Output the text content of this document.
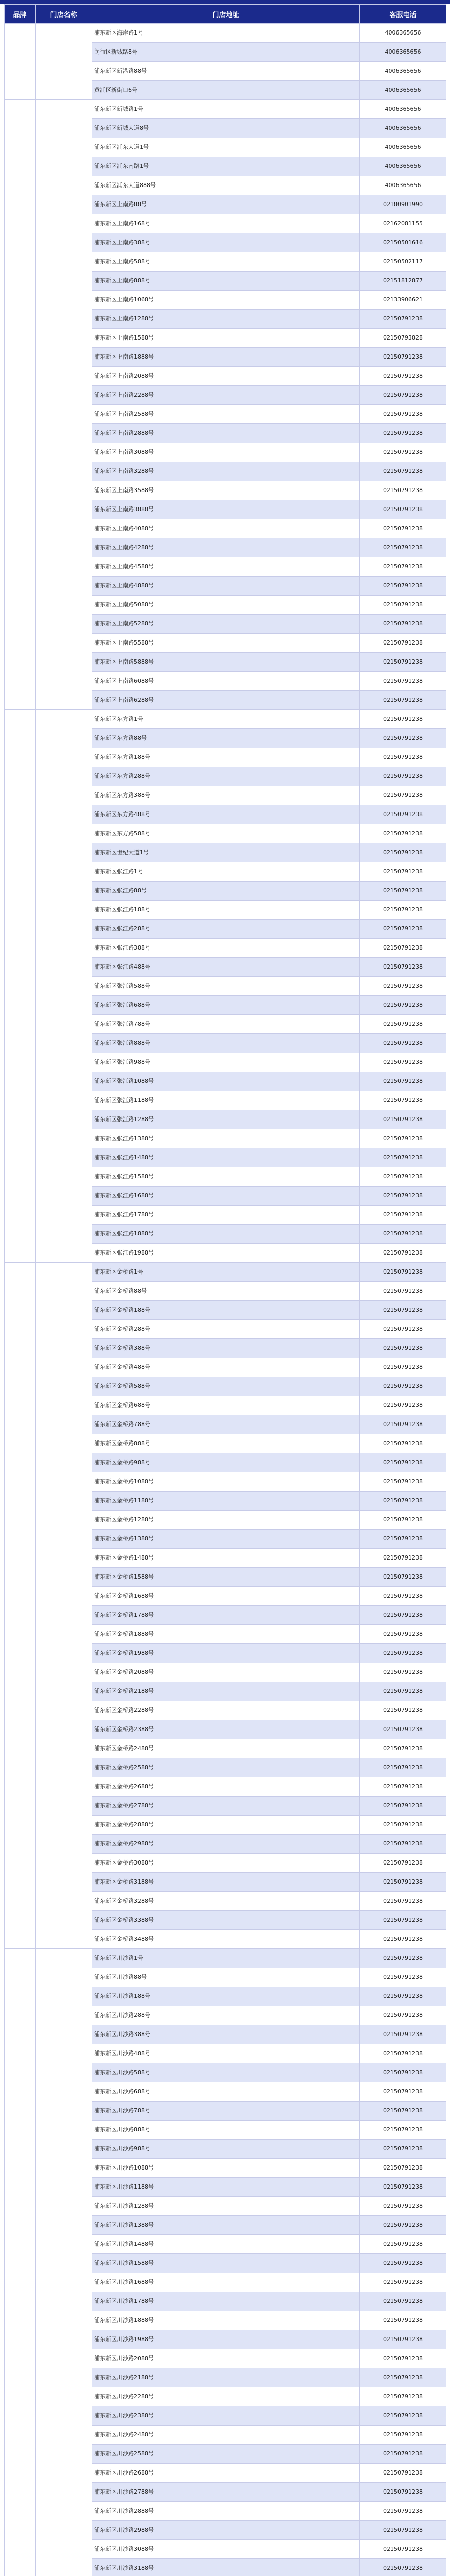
品牌	门店名称	门店地址	客服电话
		浦东新区海岸路1号	4006365656
		闵行区新城路8号	4006365656
		浦东新区新港路88号	4006365656
		黄浦区新街口6号	4006365656
		浦东新区新城路1号	4006365656
		浦东新区新城大道8号	4006365656
		浦东新区浦东大道1号	4006365656
		浦东新区浦东南路1号	4006365656
		浦东新区浦东大道888号	4006365656
		浦东新区上南路88号	02180901990
		浦东新区上南路168号	02162081155
		浦东新区上南路388号	02150501616
		浦东新区上南路588号	02150502117
		浦东新区上南路888号	02151812877
		浦东新区上南路1068号	02133906621
		浦东新区上南路1288号	02150791238
		浦东新区上南路1588号	02150793828
		浦东新区上南路1888号	02150791238
		浦东新区上南路2088号	02150791238
		浦东新区上南路2288号	02150791238
		浦东新区上南路2588号	02150791238
		浦东新区上南路2888号	02150791238
		浦东新区上南路3088号	02150791238
		浦东新区上南路3288号	02150791238
		浦东新区上南路3588号	02150791238
		浦东新区上南路3888号	02150791238
		浦东新区上南路4088号	02150791238
		浦东新区上南路4288号	02150791238
		浦东新区上南路4588号	02150791238
		浦东新区上南路4888号	02150791238
		浦东新区上南路5088号	02150791238
		浦东新区上南路5288号	02150791238
		浦东新区上南路5588号	02150791238
		浦东新区上南路5888号	02150791238
		浦东新区上南路6088号	02150791238
		浦东新区上南路6288号	02150791238
		浦东新区东方路1号	02150791238
		浦东新区东方路88号	02150791238
		浦东新区东方路188号	02150791238
		浦东新区东方路288号	02150791238
		浦东新区东方路388号	02150791238
		浦东新区东方路488号	02150791238
		浦东新区东方路588号	02150791238
		浦东新区世纪大道1号	02150791238
		浦东新区张江路1号	02150791238
		浦东新区张江路88号	02150791238
		浦东新区张江路188号	02150791238
		浦东新区张江路288号	02150791238
		浦东新区张江路388号	02150791238
		浦东新区张江路488号	02150791238
		浦东新区张江路588号	02150791238
		浦东新区张江路688号	02150791238
		浦东新区张江路788号	02150791238
		浦东新区张江路888号	02150791238
		浦东新区张江路988号	02150791238
		浦东新区张江路1088号	02150791238
		浦东新区张江路1188号	02150791238
		浦东新区张江路1288号	02150791238
		浦东新区张江路1388号	02150791238
		浦东新区张江路1488号	02150791238
		浦东新区张江路1588号	02150791238
		浦东新区张江路1688号	02150791238
		浦东新区张江路1788号	02150791238
		浦东新区张江路1888号	02150791238
		浦东新区张江路1988号	02150791238
		浦东新区金桥路1号	02150791238
		浦东新区金桥路88号	02150791238
		浦东新区金桥路188号	02150791238
		浦东新区金桥路288号	02150791238
		浦东新区金桥路388号	02150791238
		浦东新区金桥路488号	02150791238
		浦东新区金桥路588号	02150791238
		浦东新区金桥路688号	02150791238
		浦东新区金桥路788号	02150791238
		浦东新区金桥路888号	02150791238
		浦东新区金桥路988号	02150791238
		浦东新区金桥路1088号	02150791238
		浦东新区金桥路1188号	02150791238
		浦东新区金桥路1288号	02150791238
		浦东新区金桥路1388号	02150791238
		浦东新区金桥路1488号	02150791238
		浦东新区金桥路1588号	02150791238
		浦东新区金桥路1688号	02150791238
		浦东新区金桥路1788号	02150791238
		浦东新区金桥路1888号	02150791238
		浦东新区金桥路1988号	02150791238
		浦东新区金桥路2088号	02150791238
		浦东新区金桥路2188号	02150791238
		浦东新区金桥路2288号	02150791238
		浦东新区金桥路2388号	02150791238
		浦东新区金桥路2488号	02150791238
		浦东新区金桥路2588号	02150791238
		浦东新区金桥路2688号	02150791238
		浦东新区金桥路2788号	02150791238
		浦东新区金桥路2888号	02150791238
		浦东新区金桥路2988号	02150791238
		浦东新区金桥路3088号	02150791238
		浦东新区金桥路3188号	02150791238
		浦东新区金桥路3288号	02150791238
		浦东新区金桥路3388号	02150791238
		浦东新区金桥路3488号	02150791238
		浦东新区川沙路1号	02150791238
		浦东新区川沙路88号	02150791238
		浦东新区川沙路188号	02150791238
		浦东新区川沙路288号	02150791238
		浦东新区川沙路388号	02150791238
		浦东新区川沙路488号	02150791238
		浦东新区川沙路588号	02150791238
		浦东新区川沙路688号	02150791238
		浦东新区川沙路788号	02150791238
		浦东新区川沙路888号	02150791238
		浦东新区川沙路988号	02150791238
		浦东新区川沙路1088号	02150791238
		浦东新区川沙路1188号	02150791238
		浦东新区川沙路1288号	02150791238
		浦东新区川沙路1388号	02150791238
		浦东新区川沙路1488号	02150791238
		浦东新区川沙路1588号	02150791238
		浦东新区川沙路1688号	02150791238
		浦东新区川沙路1788号	02150791238
		浦东新区川沙路1888号	02150791238
		浦东新区川沙路1988号	02150791238
		浦东新区川沙路2088号	02150791238
		浦东新区川沙路2188号	02150791238
		浦东新区川沙路2288号	02150791238
		浦东新区川沙路2388号	02150791238
		浦东新区川沙路2488号	02150791238
		浦东新区川沙路2588号	02150791238
		浦东新区川沙路2688号	02150791238
		浦东新区川沙路2788号	02150791238
		浦东新区川沙路2888号	02150791238
		浦东新区川沙路2988号	02150791238
		浦东新区川沙路3088号	02150791238
		浦东新区川沙路3188号	02150791238
